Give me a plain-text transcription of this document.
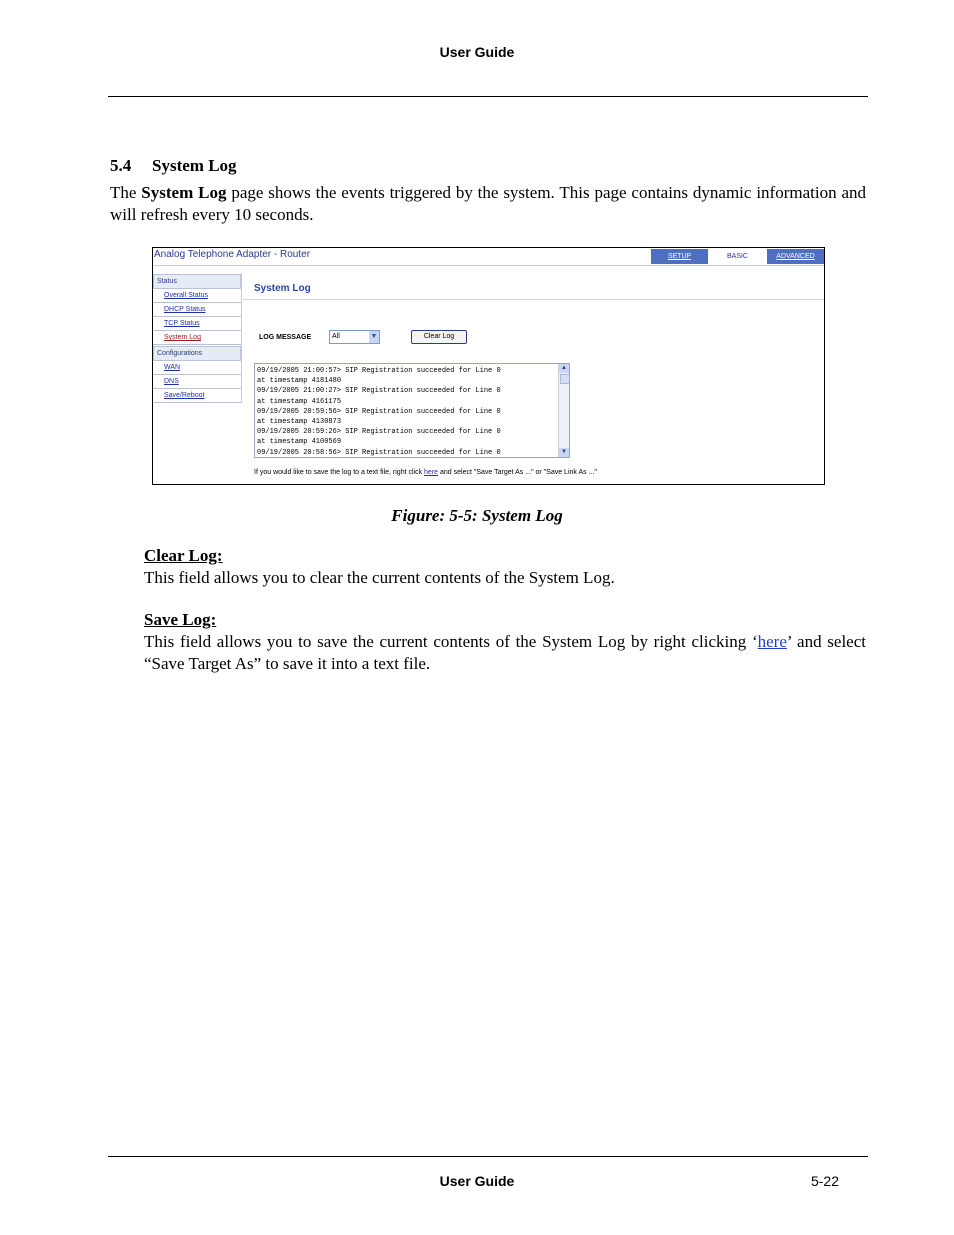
User Guide
5.4 System Log
The System Log page shows the events triggered by the system. This page contains dynamic information and will refresh every 10 seconds.
Analog Telephone Adapter - Router	SETUP	BASIC	ADVANCED
Status
Overall Status
DHCP Status
TCP Status
System Log
Configurations
WAN
DNS
Save/Reboot
System Log
LOG MESSAGE	All	▼	Clear Log
09/19/2005 21:00:57> SIP Registration succeeded for Line 0
at timestamp 4181480
09/19/2005 21:00:27> SIP Registration succeeded for Line 0
at timestamp 4161175
09/19/2005 20:59:56> SIP Registration succeeded for Line 0
at timestamp 4130873
09/19/2005 20:59:26> SIP Registration succeeded for Line 0
at timestamp 4100569
09/19/2005 20:58:56> SIP Registration succeeded for Line 0
▲
▼
If you would like to save the log to a text file, right click here and select "Save Target As ..." or "Save Link As ..."
Figure: 5-5: System Log
Clear Log:
This field allows you to clear the current contents of the System Log.
Save Log:
This field allows you to save the current contents of the System Log by right clicking ‘here’ and select “Save Target As” to save it into a text file.
User Guide	5-22
